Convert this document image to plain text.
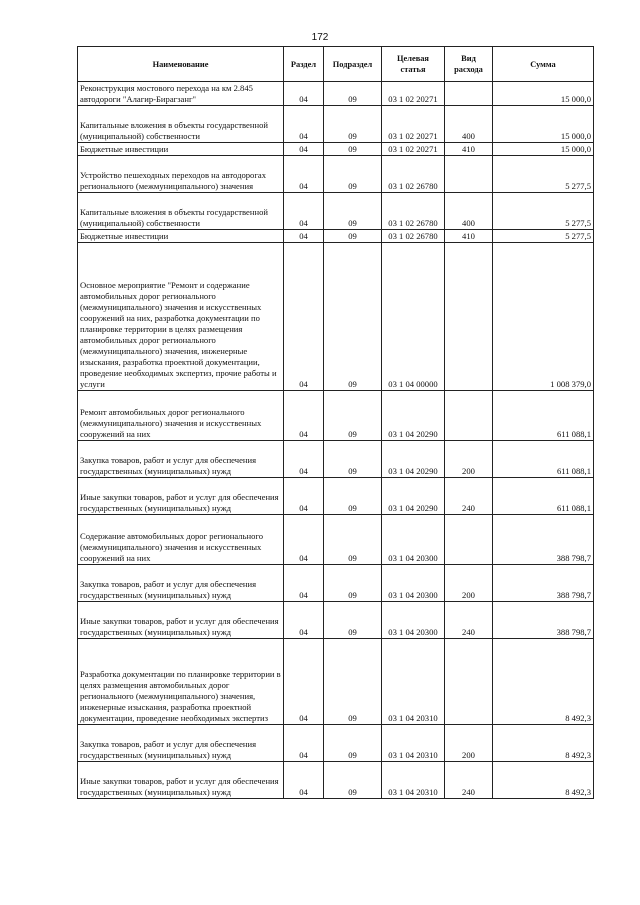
172
Наименование	Раздел	Подраздел	Целевая статья	Вид расхода	Сумма
Реконструкция мостового перехода на км 2.845 автодороги "Алагир-Бирагзанг"	04	09	03 1 02 20271		15 000,0
Капитальные вложения в объекты государственной (муниципальной) собственности	04	09	03 1 02 20271	400	15 000,0
Бюджетные инвестиции	04	09	03 1 02 20271	410	15 000,0
Устройство пешеходных переходов на автодорогах регионального (межмуниципального) значения	04	09	03 1 02 26780		5 277,5
Капитальные вложения в объекты государственной (муниципальной) собственности	04	09	03 1 02 26780	400	5 277,5
Бюджетные инвестиции	04	09	03 1 02 26780	410	5 277,5
Основное мероприятие "Ремонт и содержание автомобильных дорог регионального (межмуниципального) значения и искусственных сооружений на них, разработка документации по планировке территории в целях размещения автомобильных дорог регионального (межмуниципального) значения, инженерные изыскания, разработка проектной документации, проведение необходимых экспертиз, прочие работы и услуги	04	09	03 1 04 00000		1 008 379,0
Ремонт автомобильных дорог регионального (межмуниципального) значения и искусственных сооружений на них	04	09	03 1 04 20290		611 088,1
Закупка товаров, работ и услуг для обеспечения государственных (муниципальных) нужд	04	09	03 1 04 20290	200	611 088,1
Иные закупки товаров, работ и услуг для обеспечения государственных (муниципальных) нужд	04	09	03 1 04 20290	240	611 088,1
Содержание автомобильных дорог регионального (межмуниципального) значения и искусственных сооружений на них	04	09	03 1 04 20300		388 798,7
Закупка товаров, работ и услуг для обеспечения государственных (муниципальных) нужд	04	09	03 1 04 20300	200	388 798,7
Иные закупки товаров, работ и услуг для обеспечения государственных (муниципальных) нужд	04	09	03 1 04 20300	240	388 798,7
Разработка документации по планировке территории в целях размещения автомобильных дорог регионального (межмуниципального) значения, инженерные изыскания, разработка проектной документации, проведение необходимых экспертиз	04	09	03 1 04 20310		8 492,3
Закупка товаров, работ и услуг для обеспечения государственных (муниципальных) нужд	04	09	03 1 04 20310	200	8 492,3
Иные закупки товаров, работ и услуг для обеспечения государственных (муниципальных) нужд	04	09	03 1 04 20310	240	8 492,3
